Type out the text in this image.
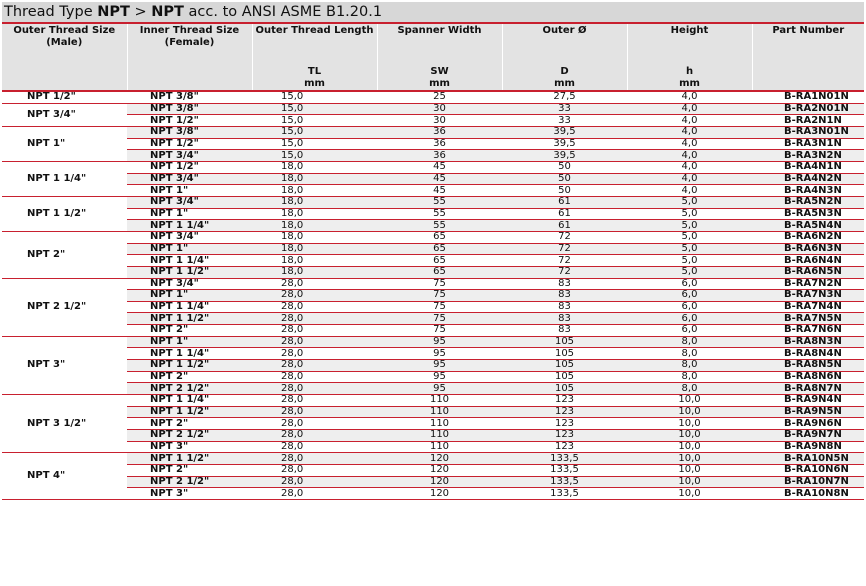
Thread Type NPT > NPT acc. to ANSI ASME B1.20.1
Outer Thread Size (Male)	Inner Thread Size (Female)	Outer Thread Length	Spanner Width	Outer Ø	Height	Part Number
		TL	SW	D	h	
		mm	mm	mm	mm	
NPT 1/2"	NPT 3/8"	15,0	25	27,5	4,0	B-RA1N01N
NPT 3/4"	NPT 3/8"	15,0	30	33	4,0	B-RA2N01N
	NPT 1/2"	15,0	30	33	4,0	B-RA2N1N
NPT 1"	NPT 3/8"	15,0	36	39,5	4,0	B-RA3N01N
	NPT 1/2"	15,0	36	39,5	4,0	B-RA3N1N
	NPT 3/4"	15,0	36	39,5	4,0	B-RA3N2N
NPT 1 1/4"	NPT 1/2"	18,0	45	50	4,0	B-RA4N1N
	NPT 3/4"	18,0	45	50	4,0	B-RA4N2N
	NPT 1"	18,0	45	50	4,0	B-RA4N3N
NPT 1 1/2"	NPT 3/4"	18,0	55	61	5,0	B-RA5N2N
	NPT 1"	18,0	55	61	5,0	B-RA5N3N
	NPT 1 1/4"	18,0	55	61	5,0	B-RA5N4N
NPT 2"	NPT 3/4"	18,0	65	72	5,0	B-RA6N2N
	NPT 1"	18,0	65	72	5,0	B-RA6N3N
	NPT 1 1/4"	18,0	65	72	5,0	B-RA6N4N
	NPT 1 1/2"	18,0	65	72	5,0	B-RA6N5N
NPT 2 1/2"	NPT 3/4"	28,0	75	83	6,0	B-RA7N2N
	NPT 1"	28,0	75	83	6,0	B-RA7N3N
	NPT 1 1/4"	28,0	75	83	6,0	B-RA7N4N
	NPT 1 1/2"	28,0	75	83	6,0	B-RA7N5N
	NPT 2"	28,0	75	83	6,0	B-RA7N6N
NPT 3"	NPT 1"	28,0	95	105	8,0	B-RA8N3N
	NPT 1 1/4"	28,0	95	105	8,0	B-RA8N4N
	NPT 1 1/2"	28,0	95	105	8,0	B-RA8N5N
	NPT 2"	28,0	95	105	8,0	B-RA8N6N
	NPT 2 1/2"	28,0	95	105	8,0	B-RA8N7N
NPT 3 1/2"	NPT 1 1/4"	28,0	110	123	10,0	B-RA9N4N
	NPT 1 1/2"	28,0	110	123	10,0	B-RA9N5N
	NPT 2"	28,0	110	123	10,0	B-RA9N6N
	NPT 2 1/2"	28,0	110	123	10,0	B-RA9N7N
	NPT 3"	28,0	110	123	10,0	B-RA9N8N
NPT 4"	NPT 1 1/2"	28,0	120	133,5	10,0	B-RA10N5N
	NPT 2"	28,0	120	133,5	10,0	B-RA10N6N
	NPT 2 1/2"	28,0	120	133,5	10,0	B-RA10N7N
	NPT 3"	28,0	120	133,5	10,0	B-RA10N8N
